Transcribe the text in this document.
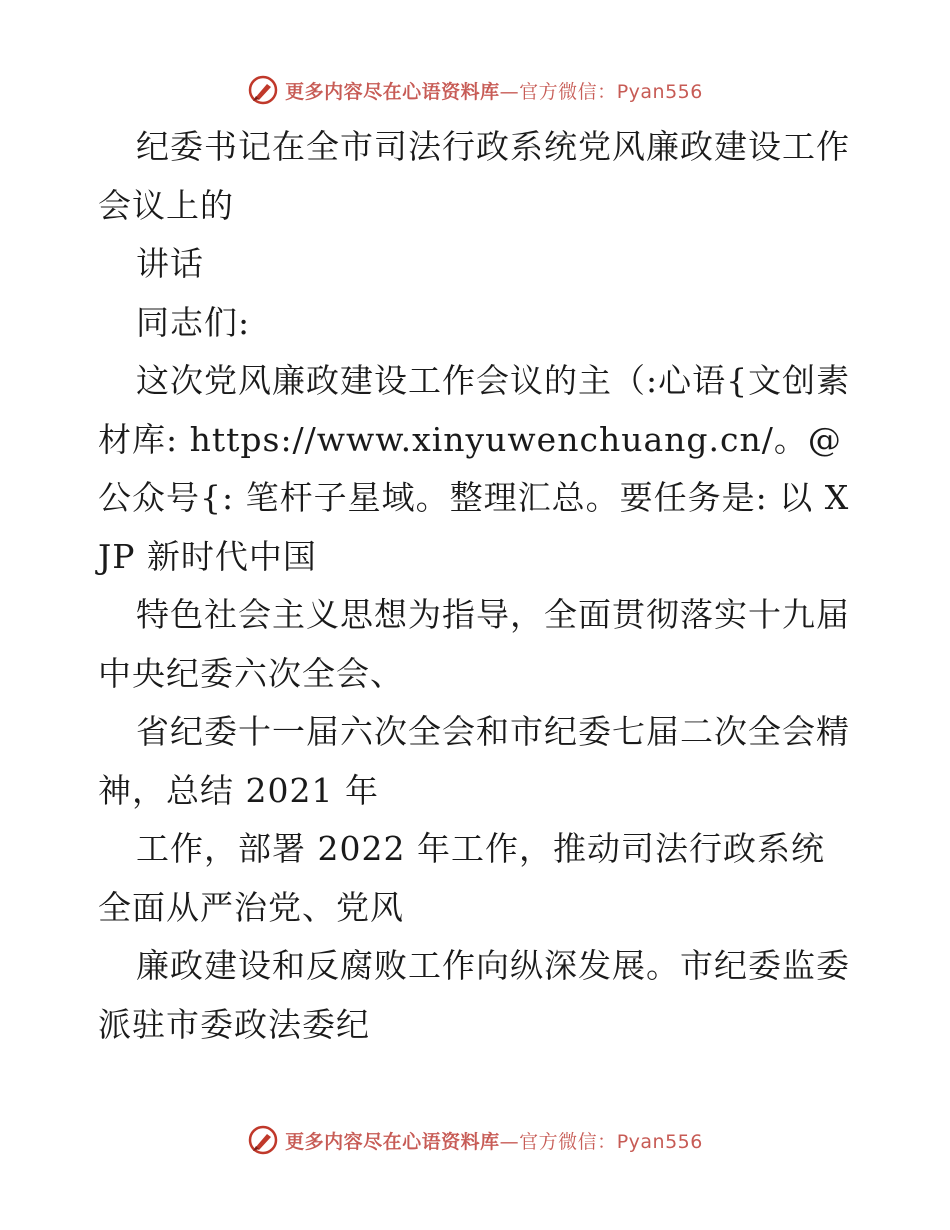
更多内容尽在心语资料库—官方微信：Pyan556

纪委书记在全市司法行政系统党风廉政建设工作会议上的

讲话

同志们:

这次党风廉政建设工作会议的主（:心语{文创素材库: https://www.xinyuwenchuang.cn/。@公众号{: 笔杆子星域。整理汇总。要任务是: 以 XJP 新时代中国

特色社会主义思想为指导，全面贯彻落实十九届中央纪委六次全会、

省纪委十一届六次全会和市纪委七届二次全会精神，总结 2021 年

工作，部署 2022 年工作，推动司法行政系统全面从严治党、党风

廉政建设和反腐败工作向纵深发展。市纪委监委派驻市委政法委纪

更多内容尽在心语资料库—官方微信：Pyan556
